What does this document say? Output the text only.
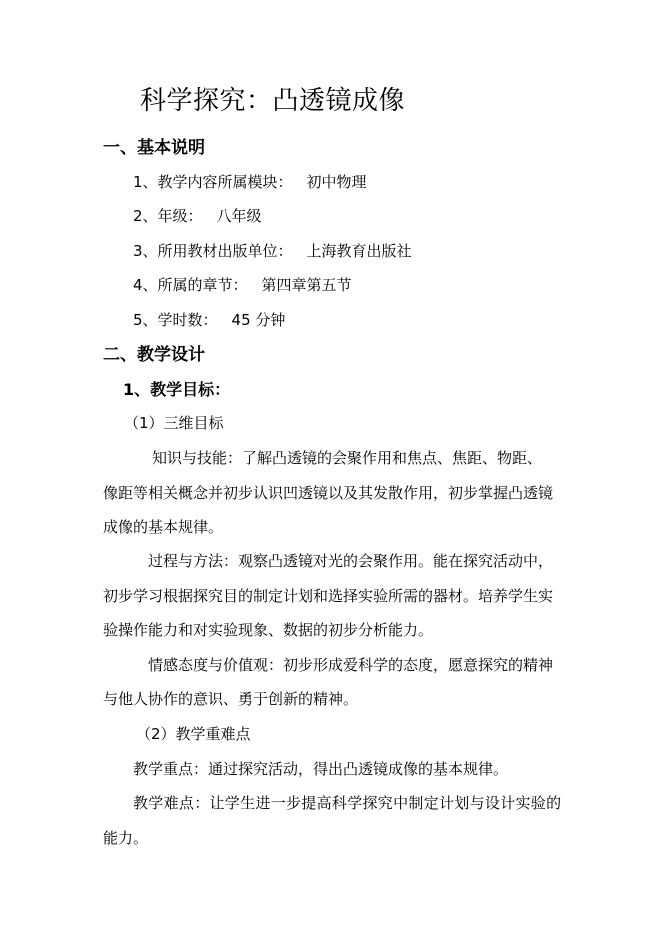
科学探究：凸透镜成像
一、基本说明
1、教学内容所属模块： 初中物理
2、年级： 八年级
3、所用教材出版单位： 上海教育出版社
4、所属的章节： 第四章第五节
5、学时数： 45 分钟
二、教学设计
1、教学目标：
（1）三维目标
知识与技能：了解凸透镜的会聚作用和焦点、焦距、物距、
像距等相关概念并初步认识凹透镜以及其发散作用，初步掌握凸透镜
成像的基本规律。
过程与方法：观察凸透镜对光的会聚作用。能在探究活动中，
初步学习根据探究目的制定计划和选择实验所需的器材。培养学生实
验操作能力和对实验现象、数据的初步分析能力。
情感态度与价值观：初步形成爱科学的态度，愿意探究的精神
与他人协作的意识、勇于创新的精神。
（2）教学重难点
教学重点：通过探究活动，得出凸透镜成像的基本规律。
教学难点：让学生进一步提高科学探究中制定计划与设计实验的
能力。
